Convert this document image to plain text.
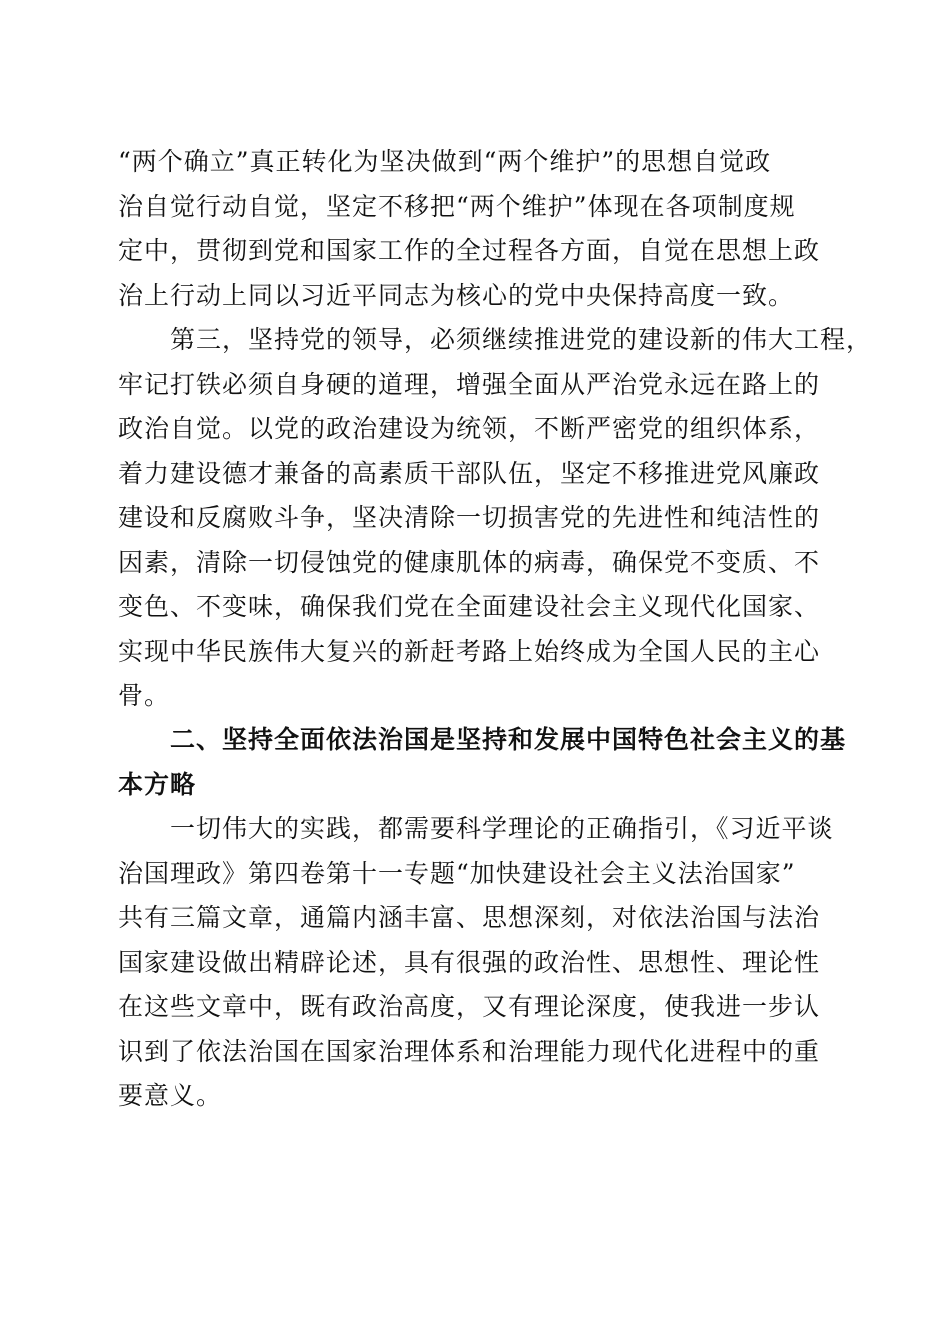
“两个确立”真正转化为坚决做到“两个维护”的思想自觉政
治自觉行动自觉，坚定不移把“两个维护”体现在各项制度规
定中，贯彻到党和国家工作的全过程各方面，自觉在思想上政
治上行动上同以习近平同志为核心的党中央保持高度一致。
　　第三，坚持党的领导，必须继续推进党的建设新的伟大工程，
牢记打铁必须自身硬的道理，增强全面从严治党永远在路上的
政治自觉。以党的政治建设为统领，不断严密党的组织体系，
着力建设德才兼备的高素质干部队伍，坚定不移推进党风廉政
建设和反腐败斗争，坚决清除一切损害党的先进性和纯洁性的
因素，清除一切侵蚀党的健康肌体的病毒，确保党不变质、不
变色、不变味，确保我们党在全面建设社会主义现代化国家、
实现中华民族伟大复兴的新赶考路上始终成为全国人民的主心
骨。
　　二、坚持全面依法治国是坚持和发展中国特色社会主义的基
本方略
　　一切伟大的实践，都需要科学理论的正确指引，《习近平谈
治国理政》第四卷第十一专题“加快建设社会主义法治国家”
共有三篇文章，通篇内涵丰富、思想深刻，对依法治国与法治
国家建设做出精辟论述，具有很强的政治性、思想性、理论性
在这些文章中，既有政治高度，又有理论深度，使我进一步认
识到了依法治国在国家治理体系和治理能力现代化进程中的重
要意义。
